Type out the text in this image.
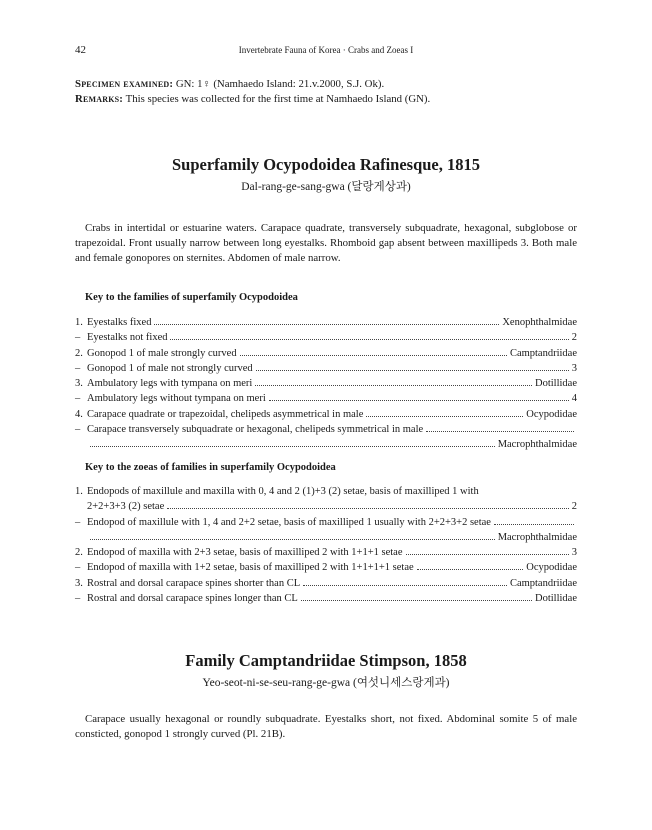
42	Invertebrate Fauna of Korea · Crabs and Zoeas I
Specimen examined: GN: 1♀ (Namhaedo Island: 21.v.2000, S.J. Ok).
Remarks: This species was collected for the first time at Namhaedo Island (GN).
Superfamily Ocypodoidea Rafinesque, 1815
Dal-rang-ge-sang-gwa (달랑게상과)
Crabs in intertidal or estuarine waters. Carapace quadrate, transversely subquadrate, hexagonal, subglobose or trapezoidal. Front usually narrow between long eyestalks. Rhomboid gap absent between maxillipeds 3. Both male and female gonopores on sternites. Abdomen of male narrow.
Key to the families of superfamily Ocypodoidea
1. Eyestalks fixed	Xenophthalmidae
– Eyestalks not fixed	2
2. Gonopod 1 of male strongly curved	Camptandriidae
– Gonopod 1 of male not strongly curved	3
3. Ambulatory legs with tympana on meri	Dotillidae
– Ambulatory legs without tympana on meri	4
4. Carapace quadrate or trapezoidal, chelipeds asymmetrical in male	Ocypodidae
– Carapace transversely subquadrate or hexagonal, chelipeds symmetrical in male
Macrophthalmidae
Key to the zoeas of families in superfamily Ocypodoidea
1. Endopods of maxillule and maxilla with 0, 4 and 2 (1)+3 (2) setae, basis of maxilliped 1 with
2+2+3+3 (2) setae	2
– Endopod of maxillule with 1, 4 and 2+2 setae, basis of maxilliped 1 usually with 2+2+3+2 setae
Macrophthalmidae
2. Endopod of maxilla with 2+3 setae, basis of maxilliped 2 with 1+1+1 setae	3
– Endopod of maxilla with 1+2 setae, basis of maxilliped 2 with 1+1+1+1 setae	Ocypodidae
3. Rostral and dorsal carapace spines shorter than CL	Camptandriidae
– Rostral and dorsal carapace spines longer than CL	Dotillidae
Family Camptandriidae Stimpson, 1858
Yeo-seot-ni-se-seu-rang-ge-gwa (여섯니세스랑게과)
Carapace usually hexagonal or roundly subquadrate. Eyestalks short, not fixed. Abdominal somite 5 of male consticted, gonopod 1 strongly curved (Pl. 21B).
